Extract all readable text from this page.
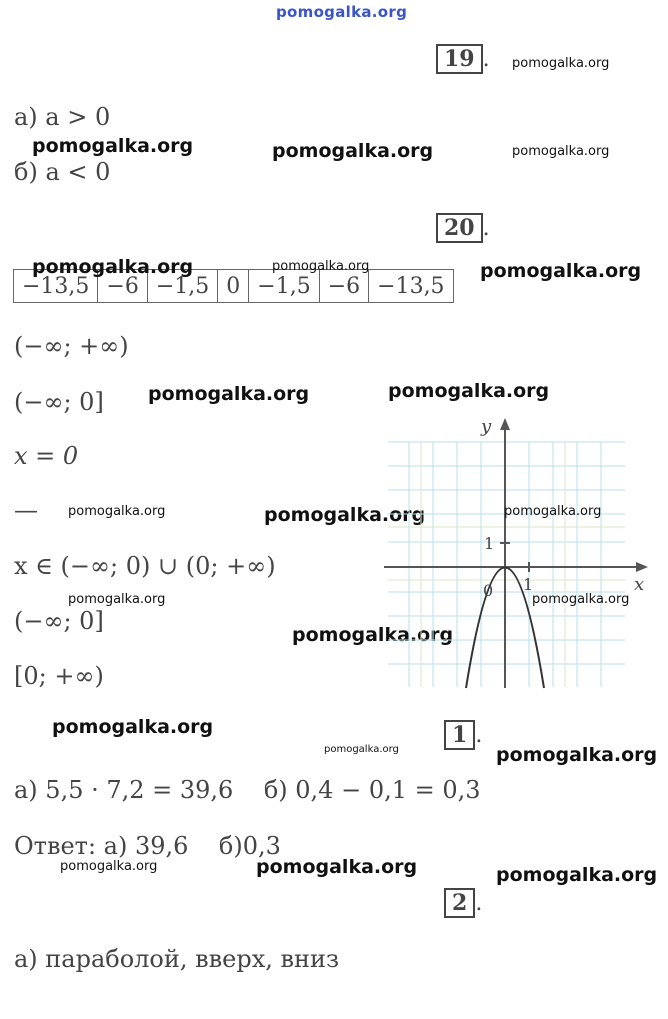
pomogalka.org
19 . pomogalka.org
а) a > 0
pomogalka.org	pomogalka.org	pomogalka.org
б) a < 0
20 .
−13,5	−6	−1,5	0	−1,5	−6	−13,5
pomogalka.org	pomogalka.org	pomogalka.org
(−∞; +∞)
(−∞; 0] pomogalka.org	pomogalka.org
x = 0
— pomogalka.org	pomogalka.org
x ∈ (−∞; 0) ∪ (0; +∞)
pomogalka.org
(−∞; 0]	pomogalka.org
[0; +∞)
y
x
1
1
0
pomogalka.org
pomogalka.org
pomogalka.org	1 .
pomogalka.org	pomogalka.org
а) 5,5 · 7,2 = 39,6    б) 0,4 − 0,1 = 0,3
Ответ: а) 39,6    б)0,3
pomogalka.org	pomogalka.org	pomogalka.org
2 .
а) параболой, вверх, вниз
